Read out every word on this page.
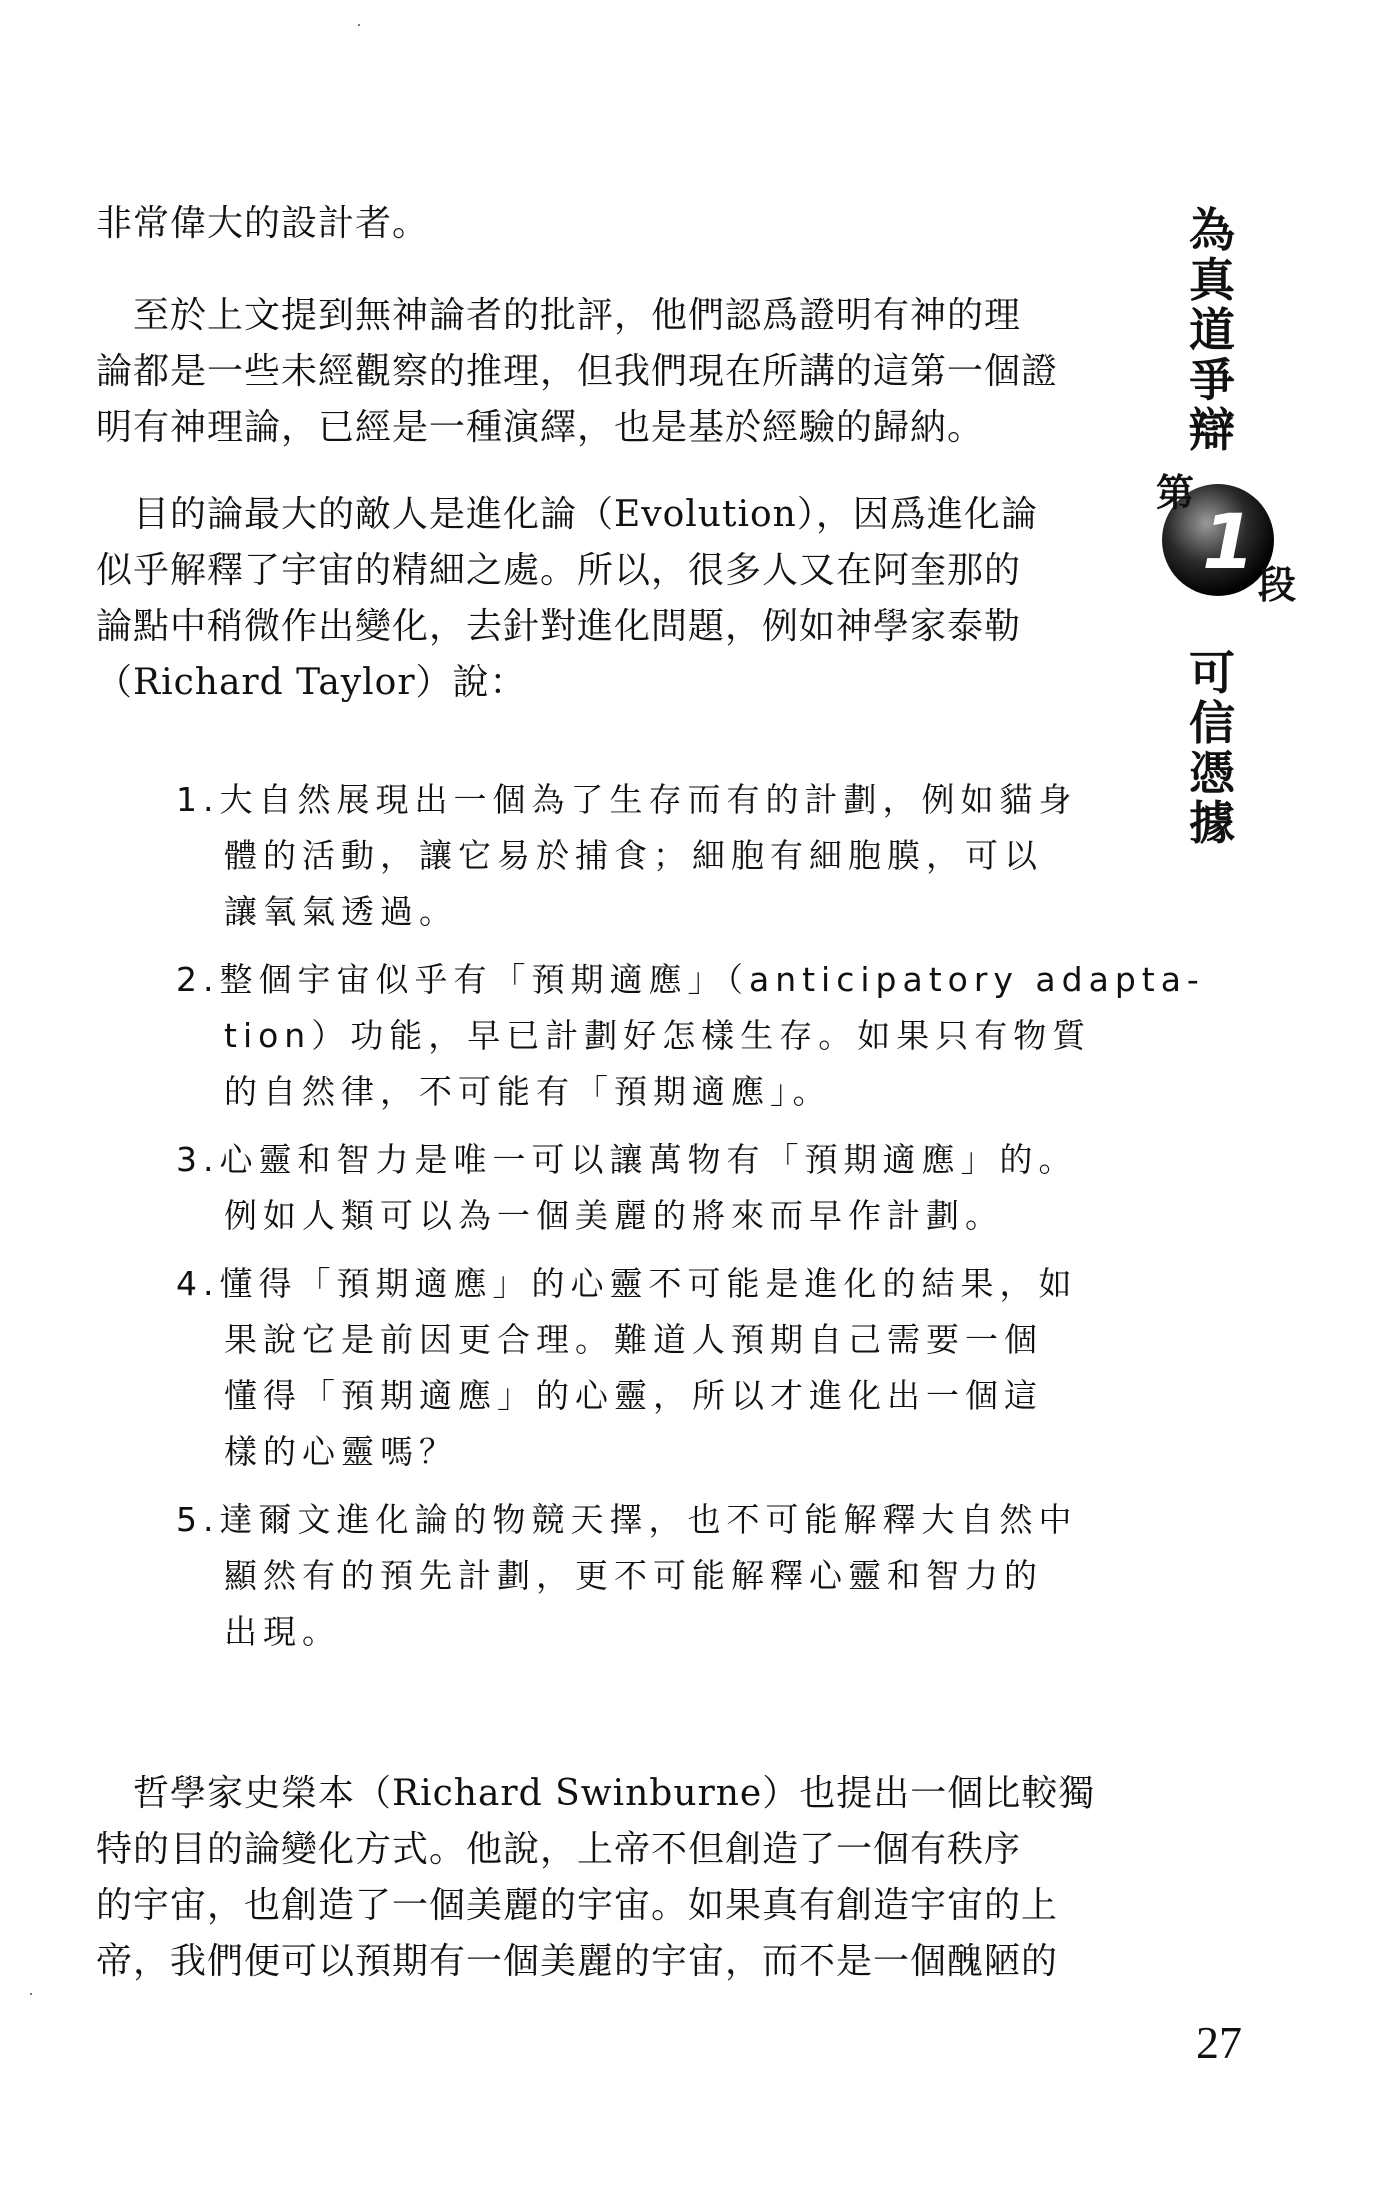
非常偉大的設計者。

　至於上文提到無神論者的批評，他們認爲證明有神的理

論都是一些未經觀察的推理，但我們現在所講的這第一個證

明有神理論，已經是一種演繹，也是基於經驗的歸納。

　目的論最大的敵人是進化論（Evolution），因爲進化論

似乎解釋了宇宙的精細之處。所以，很多人又在阿奎那的

論點中稍微作出變化，去針對進化問題，例如神學家泰勒

（Richard Taylor）說：

1.大自然展現出一個為了生存而有的計劃，例如貓身
體的活動，讓它易於捕食；細胞有細胞膜，可以
讓氧氣透過。
2.整個宇宙似乎有「預期適應」（anticipatory adapta-
tion）功能，早已計劃好怎樣生存。如果只有物質
的自然律，不可能有「預期適應」。
3.心靈和智力是唯一可以讓萬物有「預期適應」的。
例如人類可以為一個美麗的將來而早作計劃。
4.懂得「預期適應」的心靈不可能是進化的結果，如
果說它是前因更合理。難道人預期自己需要一個
懂得「預期適應」的心靈，所以才進化出一個這
樣的心靈嗎？
5.達爾文進化論的物競天擇，也不可能解釋大自然中
顯然有的預先計劃，更不可能解釋心靈和智力的
出現。

　哲學家史榮本（Richard Swinburne）也提出一個比較獨

特的目的論變化方式。他說，上帝不但創造了一個有秩序

的宇宙，也創造了一個美麗的宇宙。如果真有創造宇宙的上

帝，我們便可以預期有一個美麗的宇宙，而不是一個醜陋的

為
真
道
爭
辯
第
1 段
可
信
憑
據
27
